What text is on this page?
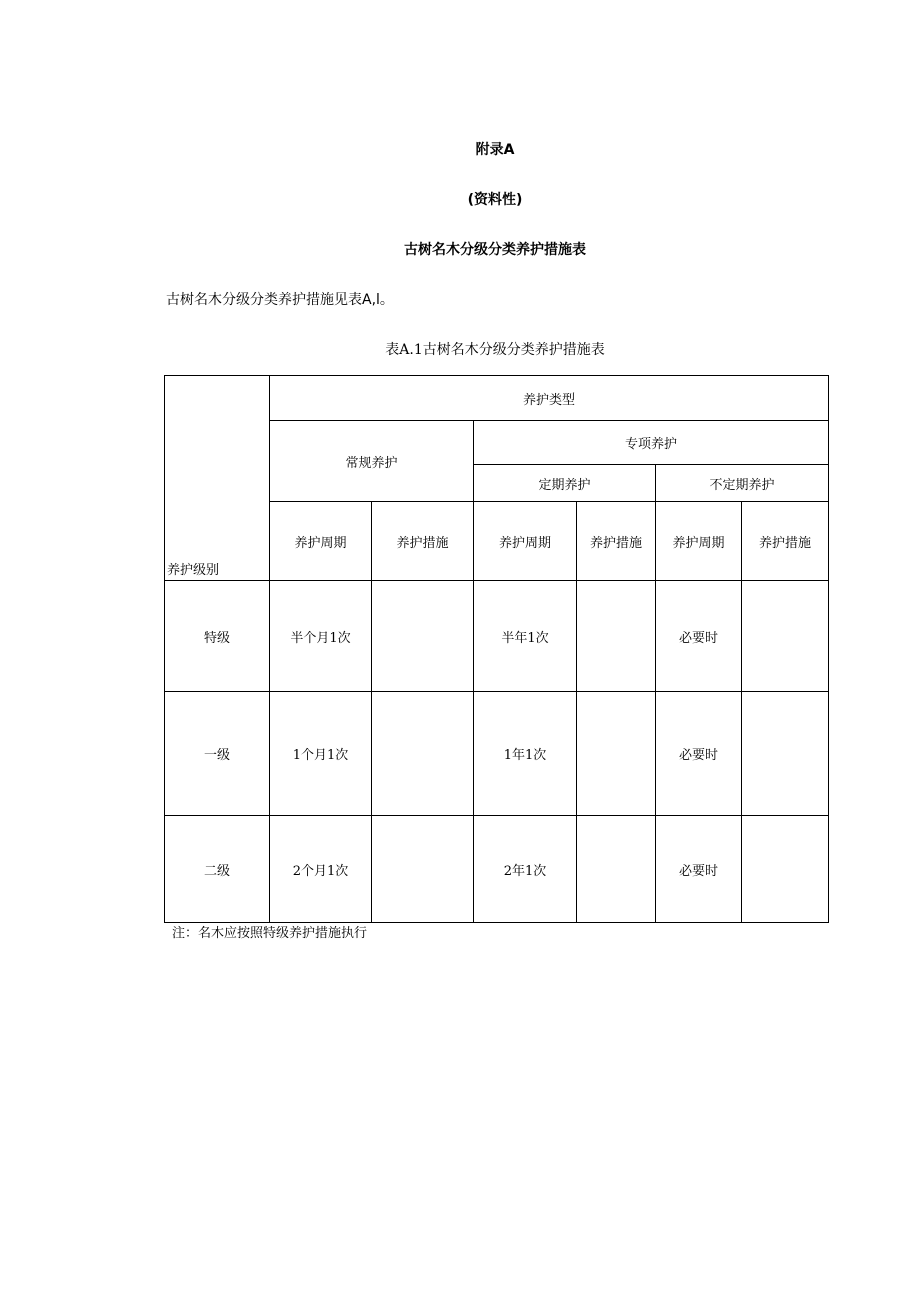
附录A
(资料性)
古树名木分级分类养护措施表
古树名木分级分类养护措施见表A,l。
表A.1古树名木分级分类养护措施表
养护级别	养护类型					
	常规养护		专项养护			
			定期养护		不定期养护	
	养护周期	养护措施	养护周期	养护措施	养护周期	养护措施
特级	半个月1次		半年1次		必要时	
一级	1个月1次		1年1次		必要时	
二级	2个月1次		2年1次		必要时	
注：名木应按照特级养护措施执行
